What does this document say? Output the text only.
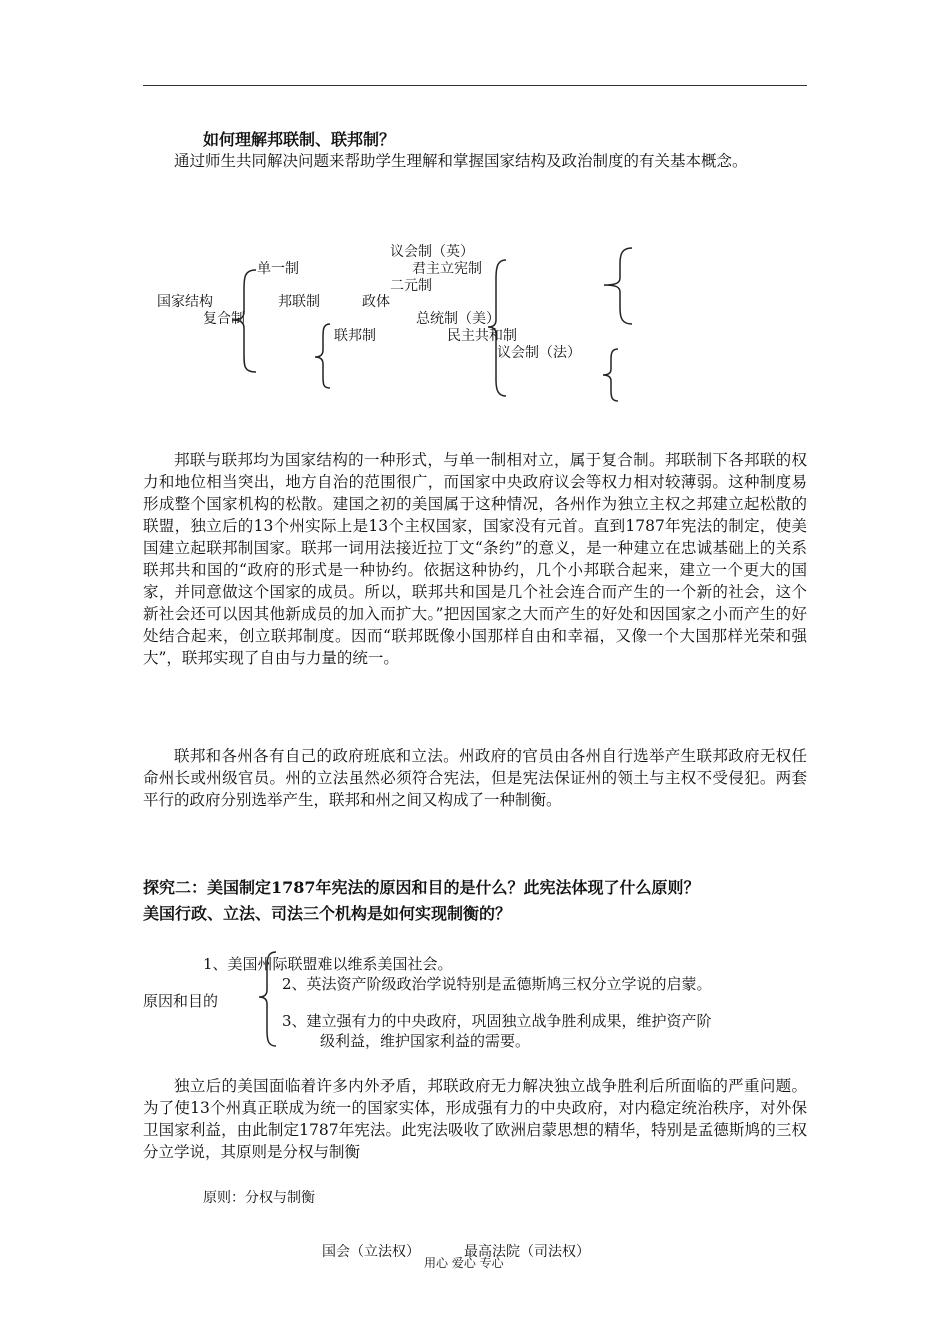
如何理解邦联制、联邦制？

通过师生共同解决问题来帮助学生理解和掌握国家结构及政治制度的有关基本概念。

国家结构
单一制
复合制
邦联制
联邦制
政体
议会制（英）
君主立宪制
二元制
总统制（美）
民主共和制
议会制（法）

邦联与联邦均为国家结构的一种形式，与单一制相对立，属于复合制。邦联制下各邦联的权力和地位相当突出，地方自治的范围很广，而国家中央政府议会等权力相对较薄弱。这种制度易形成整个国家机构的松散。建国之初的美国属于这种情况，各州作为独立主权之邦建立起松散的联盟，独立后的13个州实际上是13个主权国家，国家没有元首。直到1787年宪法的制定，使美国建立起联邦制国家。联邦一词用法接近拉丁文“条约”的意义，是一种建立在忠诚基础上的关系联邦共和国的“政府的形式是一种协约。依据这种协约，几个小邦联合起来，建立一个更大的国家，并同意做这个国家的成员。所以，联邦共和国是几个社会连合而产生的一个新的社会，这个新社会还可以因其他新成员的加入而扩大。”把因国家之大而产生的好处和因国家之小而产生的好处结合起来，创立联邦制度。因而“联邦既像小国那样自由和幸福，又像一个大国那样光荣和强大”，联邦实现了自由与力量的统一。

联邦和各州各有自己的政府班底和立法。州政府的官员由各州自行选举产生联邦政府无权任命州长或州级官员。州的立法虽然必须符合宪法，但是宪法保证州的领土与主权不受侵犯。两套平行的政府分别选举产生，联邦和州之间又构成了一种制衡。

探究二：美国制定1787年宪法的原因和目的是什么？此宪法体现了什么原则？
美国行政、立法、司法三个机构是如何实现制衡的？
原因和目的
1、美国州际联盟难以维系美国社会。
2、英法资产阶级政治学说特别是孟德斯鸠三权分立学说的启蒙。
3、建立强有力的中央政府，巩固独立战争胜利成果，维护资产阶
级利益，维护国家利益的需要。

独立后的美国面临着许多内外矛盾，邦联政府无力解决独立战争胜利后所面临的严重问题。为了使13个州真正联成为统一的国家实体，形成强有力的中央政府，对内稳定统治秩序，对外保卫国家利益，由此制定1787年宪法。此宪法吸收了欧洲启蒙思想的精华，特别是孟德斯鸠的三权分立学说，其原则是分权与制衡

原则：分权与制衡
国会（立法权）	最高法院（司法权）
用心 爱心 专心
